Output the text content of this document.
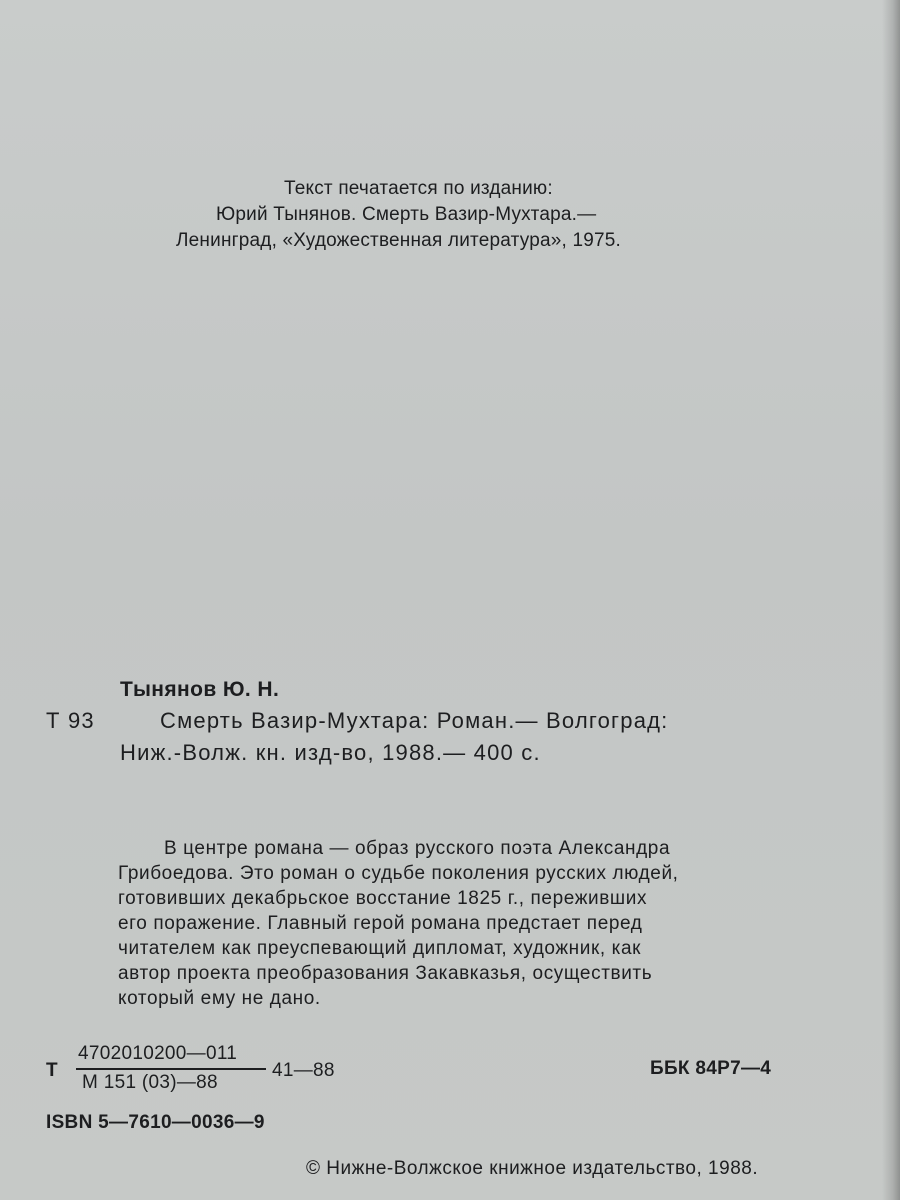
Текст печатается по изданию:
Юрий Тынянов. Смерть Вазир-Мухтара.—
Ленинград, «Художественная литература», 1975.
Тынянов Ю. Н.
Т 93	Смерть Вазир-Мухтара: Роман.— Волгоград:
Ниж.-Волж. кн. изд-во, 1988.— 400 с.
В центре романа — образ русского поэта Александра
Грибоедова. Это роман о судьбе поколения русских людей,
готовивших декабрьское восстание 1825 г., переживших
его поражение. Главный герой романа предстает перед
читателем как преуспевающий дипломат, художник, как
автор проекта преобразования Закавказья, осуществить
который ему не дано.
Т
4702010200—011
М 151 (03)—88
41—88	ББК 84Р7—4
ISBN 5—7610—0036—9
© Нижне-Волжское книжное издательство, 1988.
